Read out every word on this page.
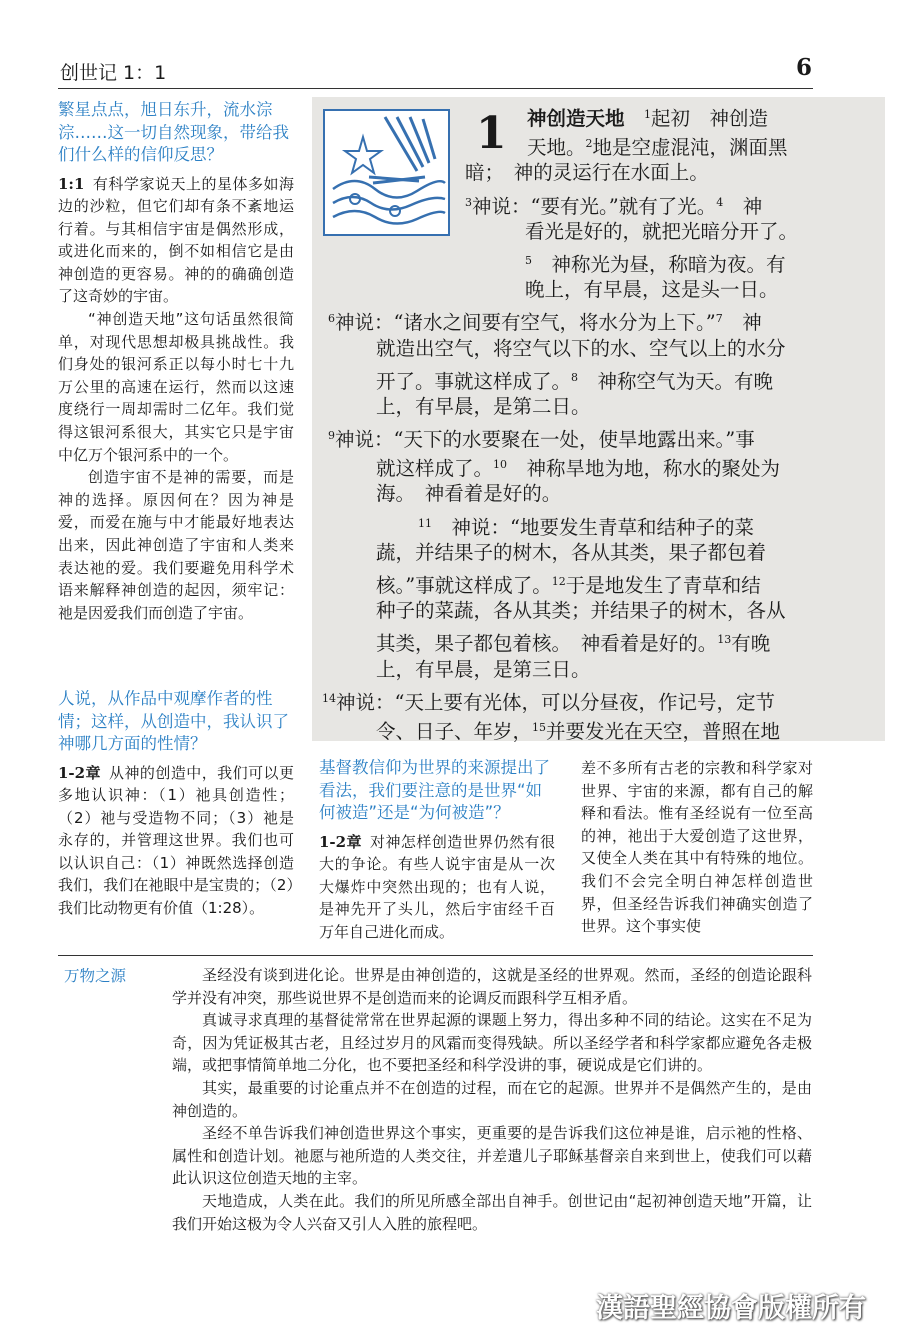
创世记 1：1	6
繁星点点，旭日东升，流水淙淙……这一切自然现象，带给我们什么样的信仰反思？

1:1 有科学家说天上的星体多如海边的沙粒，但它们却有条不紊地运行着。与其相信宇宙是偶然形成，或进化而来的，倒不如相信它是由神创造的更容易。神的的确确创造了这奇妙的宇宙。

“神创造天地”这句话虽然很简单，对现代思想却极具挑战性。我们身处的银河系正以每小时七十九万公里的高速在运行，然而以这速度绕行一周却需时二亿年。我们觉得这银河系很大，其实它只是宇宙中亿万个银河系中的一个。

创造宇宙不是神的需要，而是神的选择。原因何在？因为神是爱，而爱在施与中才能最好地表达出来，因此神创造了宇宙和人类来表达祂的爱。我们要避免用科学术语来解释神创造的起因，须牢记：祂是因爱我们而创造了宇宙。

人说，从作品中观摩作者的性情；这样，从创造中，我认识了神哪几方面的性情？

1-2章 从神的创造中，我们可以更多地认识神：（1）祂具创造性；（2）祂与受造物不同；（3）祂是永存的，并管理这世界。我们也可以认识自己：（1）神既然选择创造我们，我们在祂眼中是宝贵的；（2）我们比动物更有价值（1:28）。

1	神创造天地　 $^1$起初　神创造
天地。$^2$地是空虚混沌，渊面黑
暗；　神的灵运行在水面上。
$^3$神说：“要有光。”就有了光。$^4$　 神
看光是好的，就把光暗分开了。
$^5$　 神称光为昼，称暗为夜。有
晚上，有早晨，这是头一日。
$^6$神说：“诸水之间要有空气，将水分为上下。”$^7$　 神
就造出空气，将空气以下的水、空气以上的水分
开了。事就这样成了。$^8$　 神称空气为天。有晚
上，有早晨，是第二日。
$^9$神说：“天下的水要聚在一处，使旱地露出来。”事
就这样成了。$^{10}$　 神称旱地为地，称水的聚处为
海。　神看着是好的。
$^{11}$　 神说：“地要发生青草和结种子的菜
蔬，并结果子的树木，各从其类，果子都包着
核。”事就这样成了。$^{12}$于是地发生了青草和结
种子的菜蔬，各从其类；并结果子的树木，各从
其类，果子都包着核。　神看着是好的。$^{13}$有晚
上，有早晨，是第三日。
$^{14}$神说：“天上要有光体，可以分昼夜，作记号，定节
令、日子、年岁，$^{15}$并要发光在天空，普照在地
基督教信仰为世界的来源提出了看法，我们要注意的是世界“如何被造”还是“为何被造”？

1-2章 对神怎样创造世界仍然有很大的争论。有些人说宇宙是从一次大爆炸中突然出现的；也有人说，是神先开了头儿，然后宇宙经千百万年自己进化而成。

差不多所有古老的宗教和科学家对世界、宇宙的来源，都有自己的解释和看法。惟有圣经说有一位至高的神，祂出于大爱创造了这世界，又使全人类在其中有特殊的地位。我们不会完全明白神怎样创造世界，但圣经告诉我们神确实创造了世界。这个事实使

万物之源	圣经没有谈到进化论。世界是由神创造的，这就是圣经的世界观。然而，圣经的创造论跟科学并没有冲突，那些说世界不是创造而来的论调反而跟科学互相矛盾。

真诚寻求真理的基督徒常常在世界起源的课题上努力，得出多种不同的结论。这实在不足为奇，因为凭证极其古老，且经过岁月的风霜而变得残缺。所以圣经学者和科学家都应避免各走极端，或把事情简单地二分化，也不要把圣经和科学没讲的事，硬说成是它们讲的。

其实，最重要的讨论重点并不在创造的过程，而在它的起源。世界并不是偶然产生的，是由神创造的。

圣经不单告诉我们神创造世界这个事实，更重要的是告诉我们这位神是谁，启示祂的性格、属性和创造计划。祂愿与祂所造的人类交往，并差遣儿子耶稣基督亲自来到世上，使我们可以藉此认识这位创造天地的主宰。

天地造成，人类在此。我们的所见所感全部出自神手。创世记由“起初神创造天地”开篇，让我们开始这极为令人兴奋又引人入胜的旅程吧。

漢語聖經協會版權所有
